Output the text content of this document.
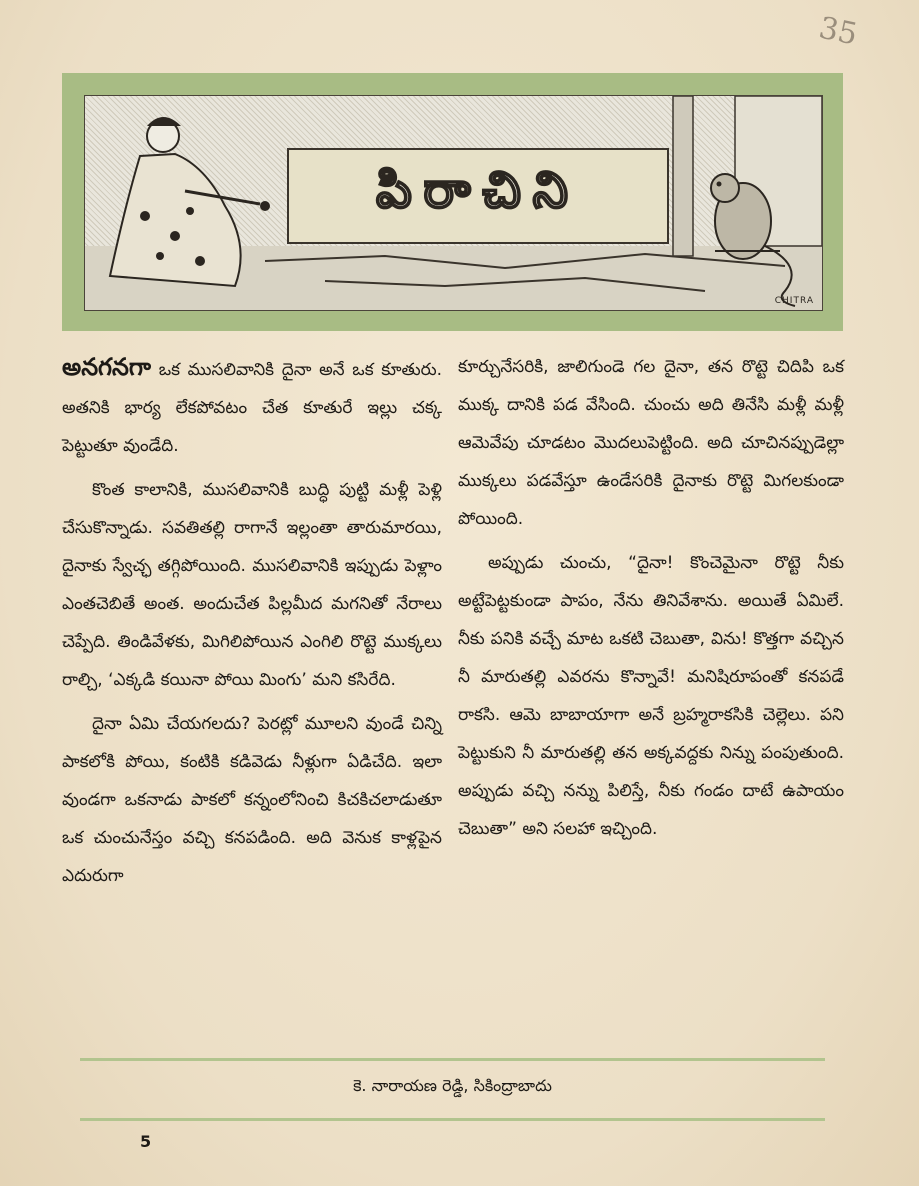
35
పిరాచిని
CHITRA

అనగనగా ఒక ముసలివానికి దైనా అనే ఒక కూతురు. అతనికి భార్య లేకపోవటం చేత కూతురే ఇల్లు చక్క పెట్టుతూ వుండేది.

కొంత కాలానికి, ముసలివానికి బుద్ధి పుట్టి మళ్లీ పెళ్లి చేసుకొన్నాడు. సవతితల్లి రాగానే ఇల్లంతా తారుమారయి, దైనాకు స్వేచ్ఛ తగ్గిపోయింది. ముసలివానికి ఇప్పుడు పెళ్లాం ఎంతచెబితే అంత. అందుచేత పిల్లమీద మగనితో నేరాలు చెప్పేది. తిండివేళకు, మిగిలిపోయిన ఎంగిలి రొట్టె ముక్కలు రాల్చి, ‘ఎక్కడి కయినా పోయి మింగు’ మని కసిరేది.

దైనా ఏమి చేయగలదు? పెరట్లో మూలని వుండే చిన్ని పాకలోకి పోయి, కంటికి కడివెడు నీళ్లుగా ఏడిచేది. ఇలా వుండగా ఒకనాడు పాకలో కన్నంలోనించి కిచకిచలాడుతూ ఒక చుంచునేస్తం వచ్చి కనపడింది. అది వెనుక కాళ్లపైన ఎదురుగా

కూర్చునేసరికి, జాలిగుండె గల దైనా, తన రొట్టె చిదిపి ఒక ముక్క దానికి పడ వేసింది. చుంచు అది తినేసి మళ్లీ మళ్లీ ఆమెవేపు చూడటం మొదలుపెట్టింది. అది చూచినప్పుడెల్లా ముక్కలు పడవేస్తూ ఉండేసరికి దైనాకు రొట్టె మిగలకుండా పోయింది.

అప్పుడు చుంచు, “దైనా! కొంచెమైనా రొట్టె నీకు అట్టేపెట్టకుండా పాపం, నేను తినివేశాను. అయితే ఏమిలే. నీకు పనికి వచ్చే మాట ఒకటి చెబుతా, విను! కొత్తగా వచ్చిన నీ మారుతల్లి ఎవరను కొన్నావే! మనిషిరూపంతో కనపడే రాకసి. ఆమె బాబాయాగా అనే బ్రహ్మరాకసికి చెల్లెలు. పని పెట్టుకుని నీ మారుతల్లి తన అక్కవద్దకు నిన్ను పంపుతుంది. అప్పుడు వచ్చి నన్ను పిలిస్తే, నీకు గండం దాటే ఉపాయం చెబుతా” అని సలహా ఇచ్చింది.

కె. నారాయణ రెడ్డి, సికింద్రాబాదు
5
